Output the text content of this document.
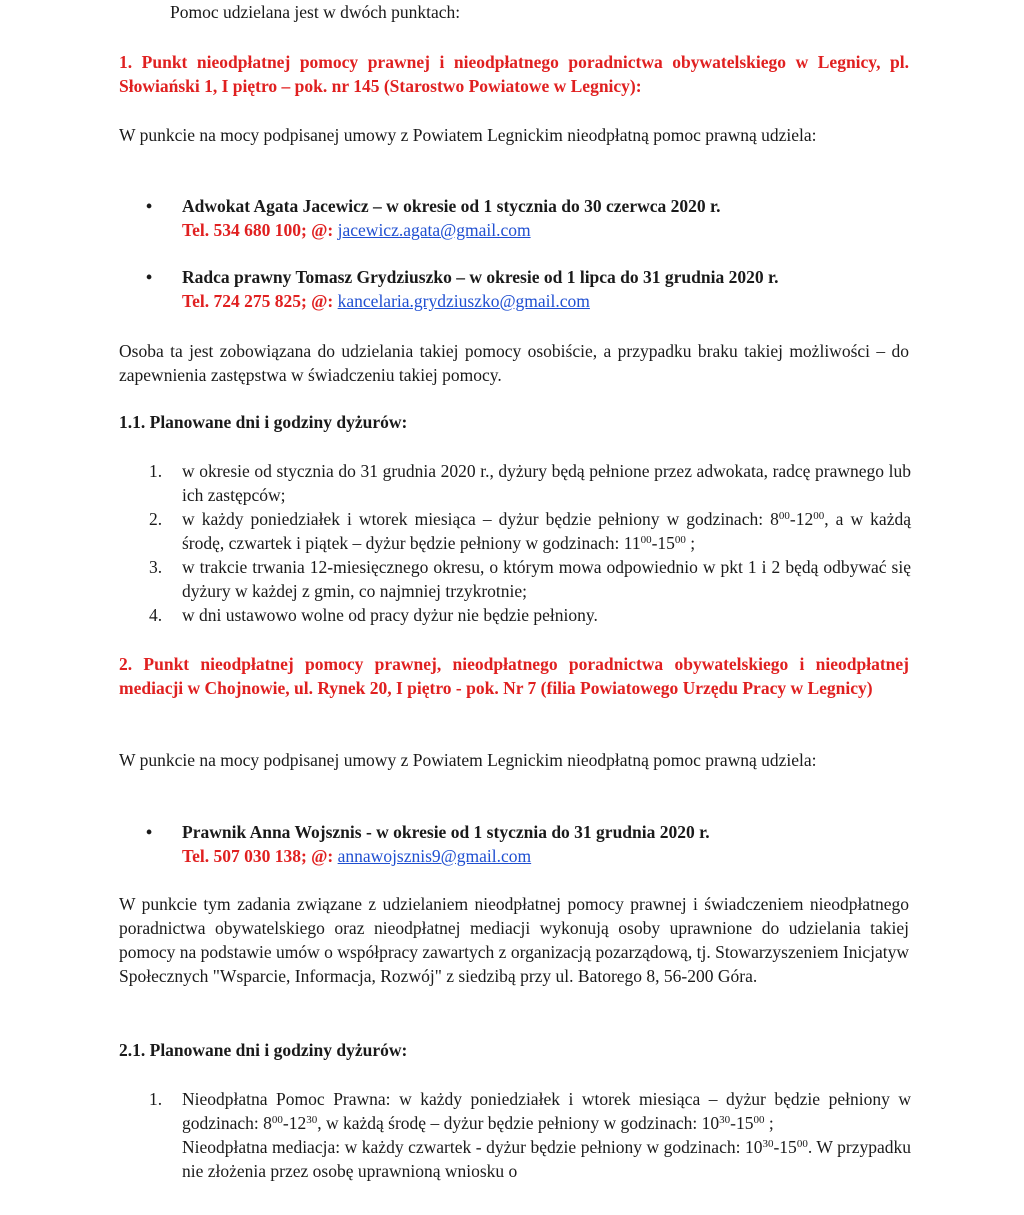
Pomoc udzielana jest w dwóch punktach:
1. Punkt nieodpłatnej pomocy prawnej i nieodpłatnego poradnictwa obywatelskiego w Legnicy, pl. Słowiański 1, I piętro – pok. nr 145 (Starostwo Powiatowe w Legnicy):
W punkcie na mocy podpisanej umowy z Powiatem Legnickim nieodpłatną pomoc prawną udziela:
• Adwokat Agata Jacewicz – w okresie od 1 stycznia do 30 czerwca 2020 r.
Tel. 534 680 100; @: jacewicz.agata@gmail.com
• Radca prawny Tomasz Grydziuszko – w okresie od 1 lipca do 31 grudnia 2020 r.
Tel. 724 275 825; @: kancelaria.grydziuszko@gmail.com
Osoba ta jest zobowiązana do udzielania takiej pomocy osobiście, a przypadku braku takiej możliwości – do zapewnienia zastępstwa w świadczeniu takiej pomocy.
1.1. Planowane dni i godziny dyżurów:
1. w okresie od stycznia do 31 grudnia 2020 r., dyżury będą pełnione przez adwokata, radcę prawnego lub ich zastępców;
2. w każdy poniedziałek i wtorek miesiąca – dyżur będzie pełniony w godzinach: $8^{00}-12^{00}$, a w każdą środę, czwartek i piątek – dyżur będzie pełniony w godzinach: $11^{00}-15^{00}$ ;
3. w trakcie trwania 12-miesięcznego okresu, o którym mowa odpowiednio w pkt 1 i 2 będą odbywać się dyżury w każdej z gmin, co najmniej trzykrotnie;
4. w dni ustawowo wolne od pracy dyżur nie będzie pełniony.
2. Punkt nieodpłatnej pomocy prawnej, nieodpłatnego poradnictwa obywatelskiego i nieodpłatnej mediacji w Chojnowie, ul. Rynek 20, I piętro - pok. Nr 7 (filia Powiatowego Urzędu Pracy w Legnicy)
W punkcie na mocy podpisanej umowy z Powiatem Legnickim nieodpłatną pomoc prawną udziela:
• Prawnik Anna Wojsznis - w okresie od 1 stycznia do 31 grudnia 2020 r.
Tel. 507 030 138; @: annawojsznis9@gmail.com
W punkcie tym zadania związane z udzielaniem nieodpłatnej pomocy prawnej i świadczeniem nieodpłatnego poradnictwa obywatelskiego oraz nieodpłatnej mediacji wykonują osoby uprawnione do udzielania takiej pomocy na podstawie umów o współpracy zawartych z organizacją pozarządową, tj. Stowarzyszeniem Inicjatyw Społecznych "Wsparcie, Informacja, Rozwój" z siedzibą przy ul. Batorego 8, 56-200 Góra.
2.1. Planowane dni i godziny dyżurów:
1. Nieodpłatna Pomoc Prawna: w każdy poniedziałek i wtorek miesiąca – dyżur będzie pełniony w godzinach: $8^{00}-12^{30}$, w każdą środę – dyżur będzie pełniony w godzinach: $10^{30}-15^{00}$ ;
Nieodpłatna mediacja: w każdy czwartek - dyżur będzie pełniony w godzinach: $10^{30}-15^{00}$. W przypadku nie złożenia przez osobę uprawnioną wniosku o
